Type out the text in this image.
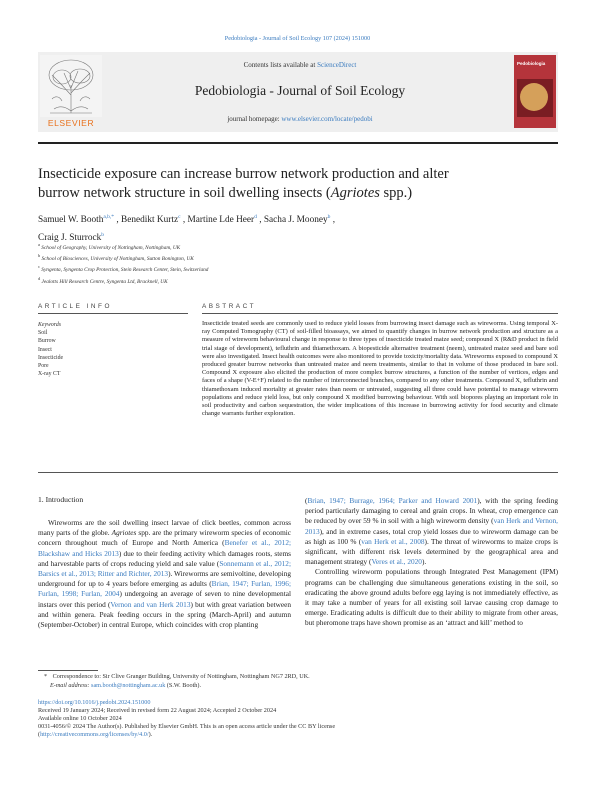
Pedobiologia - Journal of Soil Ecology 107 (2024) 151000
ELSEVIER
Contents lists available at ScienceDirect
Pedobiologia - Journal of Soil Ecology
journal homepage: www.elsevier.com/locate/pedobi
Pedobiologia
Insecticide exposure can increase burrow network production and alter
burrow network structure in soil dwelling insects (Agriotes spp.)
Samuel W. Booth$^{a,b,*}$ , Benedikt Kurtz$^c$ , Martine Lde Heer$^d$ , Sacha J. Mooney$^b$ ,
Craig J. Sturrock$^b$
$^a$ School of Geography, University of Nottingham, Nottingham, UK
$^b$ School of Biosciences, University of Nottingham, Sutton Bonington, UK
$^c$ Syngenta, Syngenta Crop Protection, Stein Research Center, Stein, Switzerland
$^d$ Jealotts Hill Research Centre, Syngenta Ltd, Bracknell, UK
ARTICLE INFO
Keywords
Soil
Burrow
Insect
Insecticide
Pore
X-ray CT
ABSTRACT
Insecticide treated seeds are commonly used to reduce yield losses from burrowing insect damage such as wireworms. Using temporal X-ray Computed Tomography (CT) of soil-filled bioassays, we aimed to quantify changes in burrow network production and structure as a measure of wireworm behavioural change in response to three types of insecticide treated maize seed; compound X (R&D product in field trial stage of development), tefluthrin and thiamethoxam. A biopesticide alternative treatment (neem), untreated maize seed and bare soil were also investigated. Insect health outcomes were also monitored to provide toxicity/mortality data. Wireworms exposed to compound X produced greater burrow networks than untreated maize and neem treatments, similar to that in volume of those produced in bare soil. Compound X exposure also elicited the production of more complex burrow structures, a function of the number of vertices, edges and faces of a shape (V-E+F) related to the number of interconnected branches, compared to any other treatments. Compound X, tefluthrin and thiamethoxam induced mortality at greater rates than neem or untreated, suggesting all three could have potential to manage wireworm populations and reduce yield loss, but only compound X modified burrowing behaviour. With soil biopores playing an important role in soil productivity and carbon sequestration, the wider implications of this increase in burrowing activity for food security and climate change warrants further exploration.
1. Introduction

Wireworms are the soil dwelling insect larvae of click beetles, common across many parts of the globe. Agriotes spp. are the primary wireworm species of economic concern throughout much of Europe and North America (Benefer et al., 2012; Blackshaw and Hicks 2013) due to their feeding activity which damages roots, stems and harvestable parts of crops reducing yield and sale value (Sonnemann et al., 2012; Barsics et al., 2013; Ritter and Richter, 2013). Wireworms are semivoltine, developing underground for up to 4 years before emerging as adults (Brian, 1947; Furlan, 1996; Furlan, 1998; Furlan, 2004) undergoing an average of seven to nine developmental instars over this period (Vernon and van Herk 2013) but with great variation between and within genera. Peak feeding occurs in the spring (March-April) and autumn (September-October) in central Europe, which coincides with crop planting

(Brian, 1947; Burrage, 1964; Parker and Howard 2001), with the spring feeding period particularly damaging to cereal and grain crops. In wheat, crop emergence can be reduced by over 59 % in soil with a high wireworm density (van Herk and Vernon, 2013), and in extreme cases, total crop yield losses due to wireworm damage can be as high as 100 % (van Herk et al., 2008). The threat of wireworms to maize crops is significant, with different risk levels determined by the geographical area and management strategy (Veres et al., 2020).

Controlling wireworm populations through Integrated Pest Management (IPM) programs can be challenging due simultaneous generations existing in the soil, so eradicating the above ground adults before egg laying is not immediately effective, as it may take a number of years for all existing soil larvae causing crop damage to emerge. Eradicating adults is difficult due to their ability to migrate from other areas, but pheromone traps have shown promise as an ‘attract and kill’ method to

* Correspondence to: Sir Clive Granger Building, University of Nottingham, Nottingham NG7 2RD, UK.
E-mail address: sam.booth@nottingham.ac.uk (S.W. Booth).
https://doi.org/10.1016/j.pedobi.2024.151000
Received 19 January 2024; Received in revised form 22 August 2024; Accepted 2 October 2024
Available online 10 October 2024
0031-4056/© 2024 The Author(s). Published by Elsevier GmbH. This is an open access article under the CC BY license
(http://creativecommons.org/licenses/by/4.0/).
